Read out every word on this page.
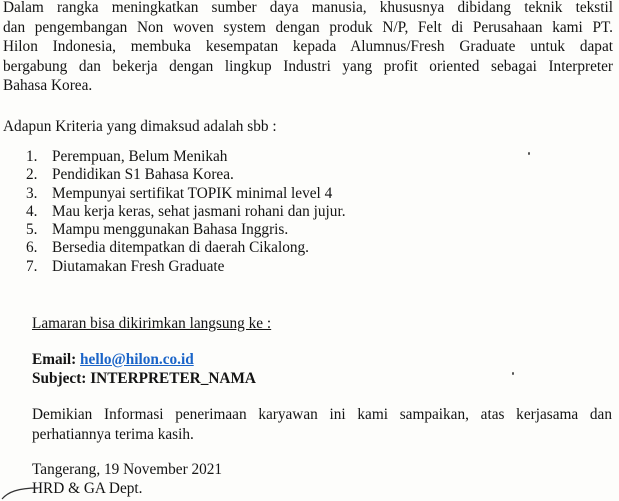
Dalam rangka meningkatkan sumber daya manusia, khususnya dibidang teknik tekstil
dan pengembangan Non woven system dengan produk N/P, Felt di Perusahaan kami PT.
Hilon Indonesia, membuka kesempatan kepada Alumnus/Fresh Graduate untuk dapat
bergabung dan bekerja dengan lingkup Industri yang profit oriented sebagai Interpreter
Bahasa Korea.

Adapun Kriteria yang dimaksud adalah sbb :

1. Perempuan, Belum Menikah
2. Pendidikan S1 Bahasa Korea.
3. Mempunyai sertifikat TOPIK minimal level 4
4. Mau kerja keras, sehat jasmani rohani dan jujur.
5. Mampu menggunakan Bahasa Inggris.
6. Bersedia ditempatkan di daerah Cikalong.
7. Diutamakan Fresh Graduate
Lamaran bisa dikirimkan langsung ke :
Email: hello@hilon.co.id
Subject: INTERPRETER_NAMA

Demikian Informasi penerimaan karyawan ini kami sampaikan, atas kerjasama dan
perhatiannya terima kasih.

Tangerang, 19 November 2021
HRD & GA Dept.
